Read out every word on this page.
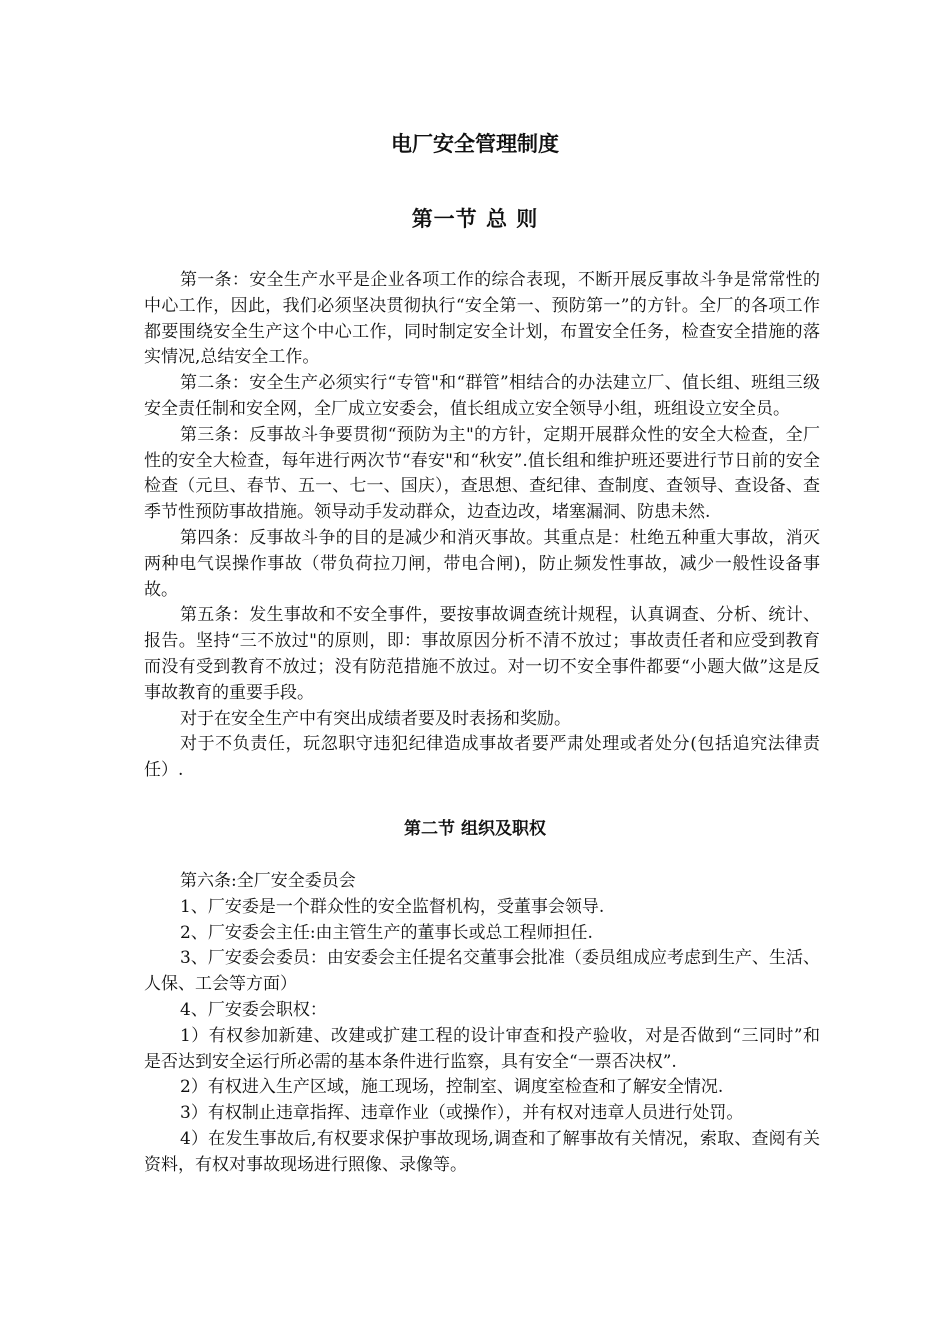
电厂安全管理制度
第一节 总 则

第一条：安全生产水平是企业各项工作的综合表现，不断开展反事故斗争是常常性的中心工作，因此，我们必须坚决贯彻执行“安全第一、预防第一”的方针。全厂的各项工作都要围绕安全生产这个中心工作，同时制定安全计划，布置安全任务，检查安全措施的落实情况,总结安全工作。

第二条：安全生产必须实行“专管"和“群管”相结合的办法建立厂、值长组、班组三级安全责任制和安全网，全厂成立安委会，值长组成立安全领导小组，班组设立安全员。

第三条：反事故斗争要贯彻“预防为主"的方针，定期开展群众性的安全大检查，全厂性的安全大检查，每年进行两次节“春安"和“秋安”.值长组和维护班还要进行节日前的安全检查（元旦、春节、五一、七一、国庆），查思想、查纪律、查制度、查领导、查设备、查季节性预防事故措施。领导动手发动群众，边查边改，堵塞漏洞、防患未然.

第四条：反事故斗争的目的是减少和消灭事故。其重点是：杜绝五种重大事故，消灭两种电气误操作事故（带负荷拉刀闸，带电合闸)，防止频发性事故，减少一般性设备事故。

第五条：发生事故和不安全事件，要按事故调查统计规程，认真调查、分析、统计、报告。坚持“三不放过"的原则，即：事故原因分析不清不放过；事故责任者和应受到教育而没有受到教育不放过；没有防范措施不放过。对一切不安全事件都要“小题大做”这是反事故教育的重要手段。

对于在安全生产中有突出成绩者要及时表扬和奖励。

对于不负责任，玩忽职守违犯纪律造成事故者要严肃处理或者处分(包括追究法律责任）.

第二节 组织及职权

第六条:全厂安全委员会

1、厂安委是一个群众性的安全监督机构，受董事会领导.

2、厂安委会主任:由主管生产的董事长或总工程师担任.

3、厂安委会委员：由安委会主任提名交董事会批准（委员组成应考虑到生产、生活、人保、工会等方面）

4、厂安委会职权：

1）有权参加新建、改建或扩建工程的设计审查和投产验收，对是否做到“三同时”和是否达到安全运行所必需的基本条件进行监察，具有安全“一票否决权”.

2）有权进入生产区域，施工现场，控制室、调度室检查和了解安全情况.

3）有权制止违章指挥、违章作业（或操作），并有权对违章人员进行处罚。

4）在发生事故后,有权要求保护事故现场,调查和了解事故有关情况，索取、查阅有关资料，有权对事故现场进行照像、录像等。
